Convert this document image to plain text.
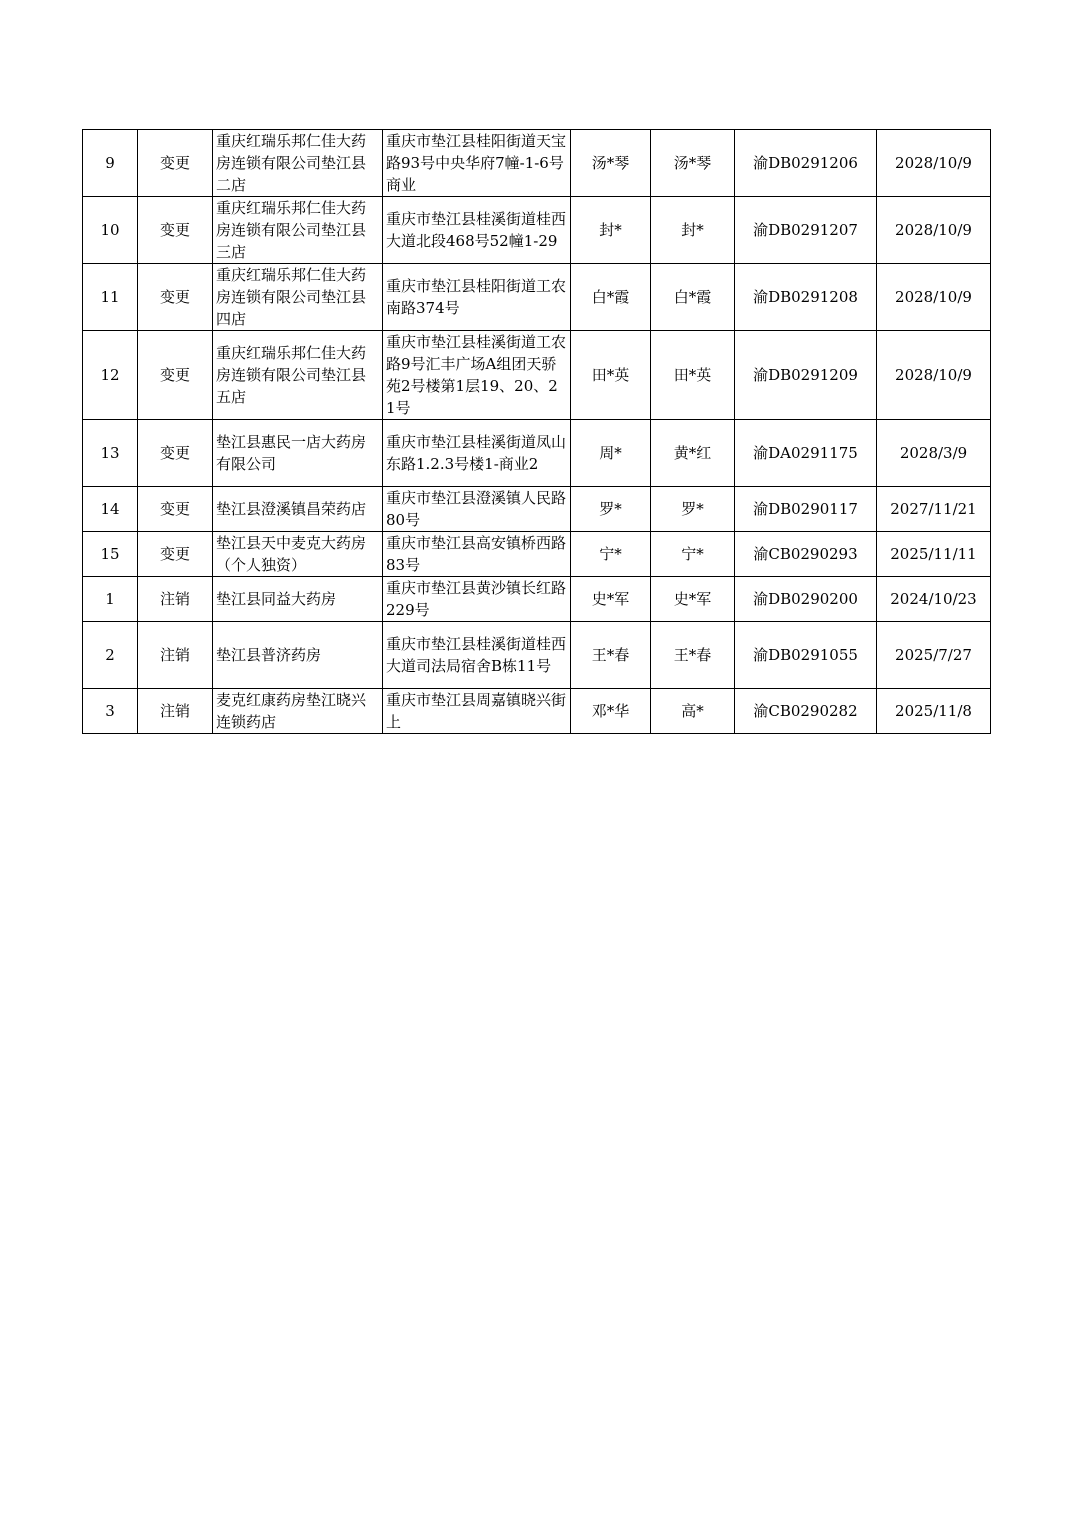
9	变更	重庆红瑞乐邦仁佳大药房连锁有限公司垫江县二店	重庆市垫江县桂阳街道天宝路93号中央华府7幢-1-6号商业	汤*琴	汤*琴	渝DB0291206	2028/10/9
10	变更	重庆红瑞乐邦仁佳大药房连锁有限公司垫江县三店	重庆市垫江县桂溪街道桂西大道北段468号52幢1-29	封*	封*	渝DB0291207	2028/10/9
11	变更	重庆红瑞乐邦仁佳大药房连锁有限公司垫江县四店	重庆市垫江县桂阳街道工农南路374号	白*霞	白*霞	渝DB0291208	2028/10/9
12	变更	重庆红瑞乐邦仁佳大药房连锁有限公司垫江县五店	重庆市垫江县桂溪街道工农路9号汇丰广场A组团天骄苑2号楼第1层19、20、21号	田*英	田*英	渝DB0291209	2028/10/9
13	变更	垫江县惠民一店大药房有限公司	重庆市垫江县桂溪街道凤山东路1.2.3号楼1-商业2	周*	黄*红	渝DA0291175	2028/3/9
14	变更	垫江县澄溪镇昌荣药店	重庆市垫江县澄溪镇人民路80号	罗*	罗*	渝DB0290117	2027/11/21
15	变更	垫江县天中麦克大药房（个人独资）	重庆市垫江县高安镇桥西路83号	宁*	宁*	渝CB0290293	2025/11/11
1	注销	垫江县同益大药房	重庆市垫江县黄沙镇长红路229号	史*军	史*军	渝DB0290200	2024/10/23
2	注销	垫江县普济药房	重庆市垫江县桂溪街道桂西大道司法局宿舍B栋11号	王*春	王*春	渝DB0291055	2025/7/27
3	注销	麦克红康药房垫江晓兴连锁药店	重庆市垫江县周嘉镇晓兴街上	邓*华	高*	渝CB0290282	2025/11/8
